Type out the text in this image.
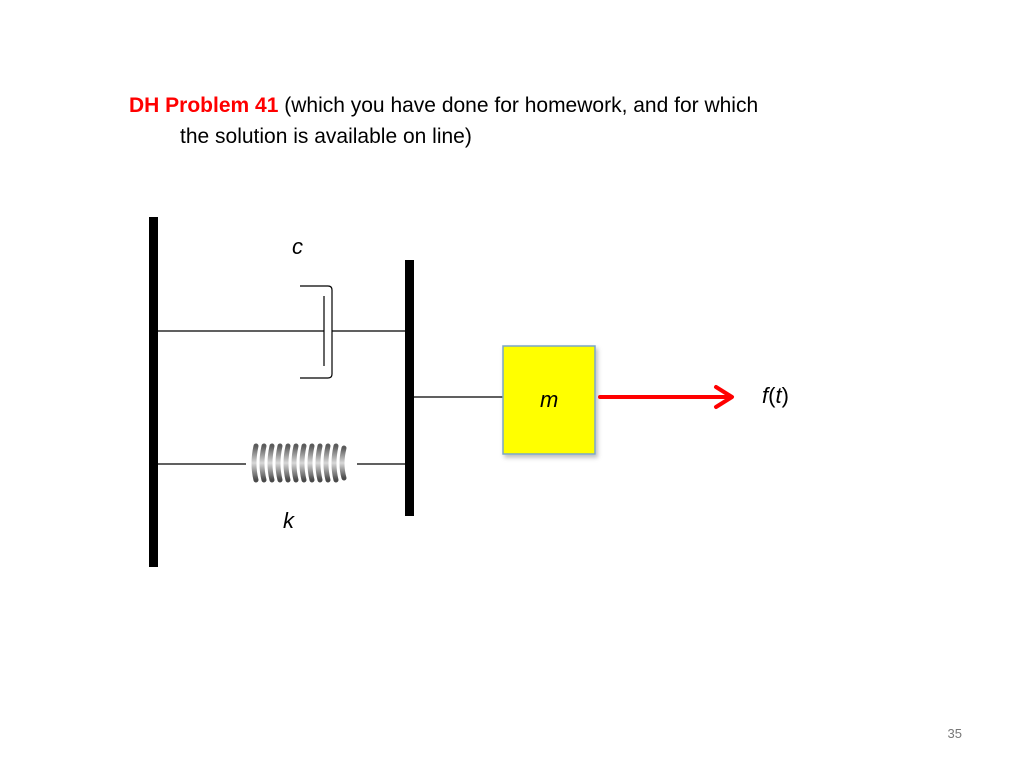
DH Problem 41 (which you have done for homework, and for which
the solution is available on line)
c
k
m	f(t)
35
